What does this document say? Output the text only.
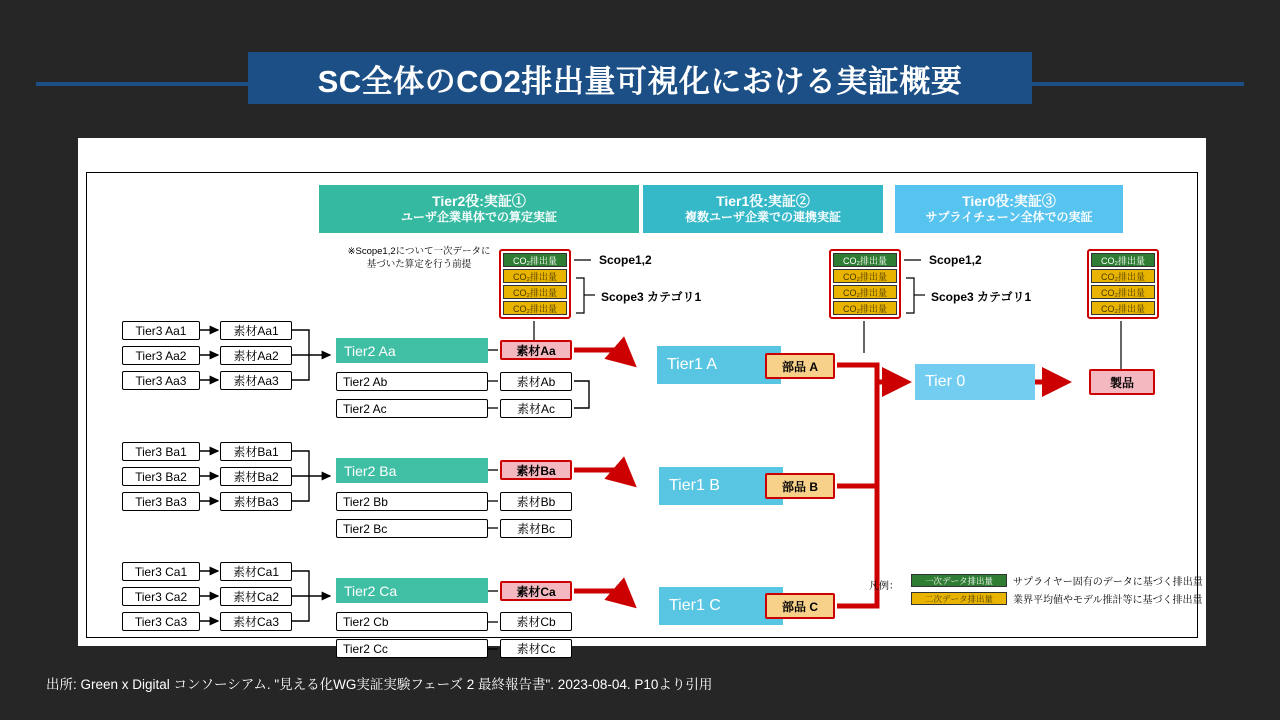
SC全体のCO2排出量可視化における実証概要
Tier2役:実証①
ユーザ企業単体での算定実証
Tier1役:実証②
複数ユーザ企業での連携実証
Tier0役:実証③
サプライチェーン全体での実証
※Scope1,2について一次データに
基づいた算定を行う前提	CO₂排出量
CO₂排出量
CO₂排出量
CO₂排出量
Scope1,2
Scope3 カテゴリ1
CO₂排出量
CO₂排出量
CO₂排出量
CO₂排出量
Scope1,2
Scope3 カテゴリ1
CO₂排出量
CO₂排出量
CO₂排出量
CO₂排出量
Tier3 Aa1
Tier3 Aa2
Tier3 Aa3
素材Aa1
素材Aa2
素材Aa3
Tier2 Aa
Tier2 Ab
Tier2 Ac
素材Aa
素材Ab
素材Ac
Tier1 A	部品 A
Tier3 Ba1
Tier3 Ba2
Tier3 Ba3
素材Ba1
素材Ba2
素材Ba3
Tier2 Ba
Tier2 Bb
Tier2 Bc
素材Ba
素材Bb
素材Bc
Tier1 B	部品 B
Tier3 Ca1
Tier3 Ca2
Tier3 Ca3
素材Ca1
素材Ca2
素材Ca3
Tier2 Ca
Tier2 Cb
Tier2 Cc
素材Ca
素材Cb
素材Cc
Tier1 C	部品 C
Tier 0	製品
凡例：
一次データ排出量	サプライヤー固有のデータに基づく排出量
二次データ排出量	業界平均値やモデル推計等に基づく排出量
出所: Green x Digital コンソーシアム. "見える化WG実証実験フェーズ 2 最終報告書". 2023-08-04. P10より引用
